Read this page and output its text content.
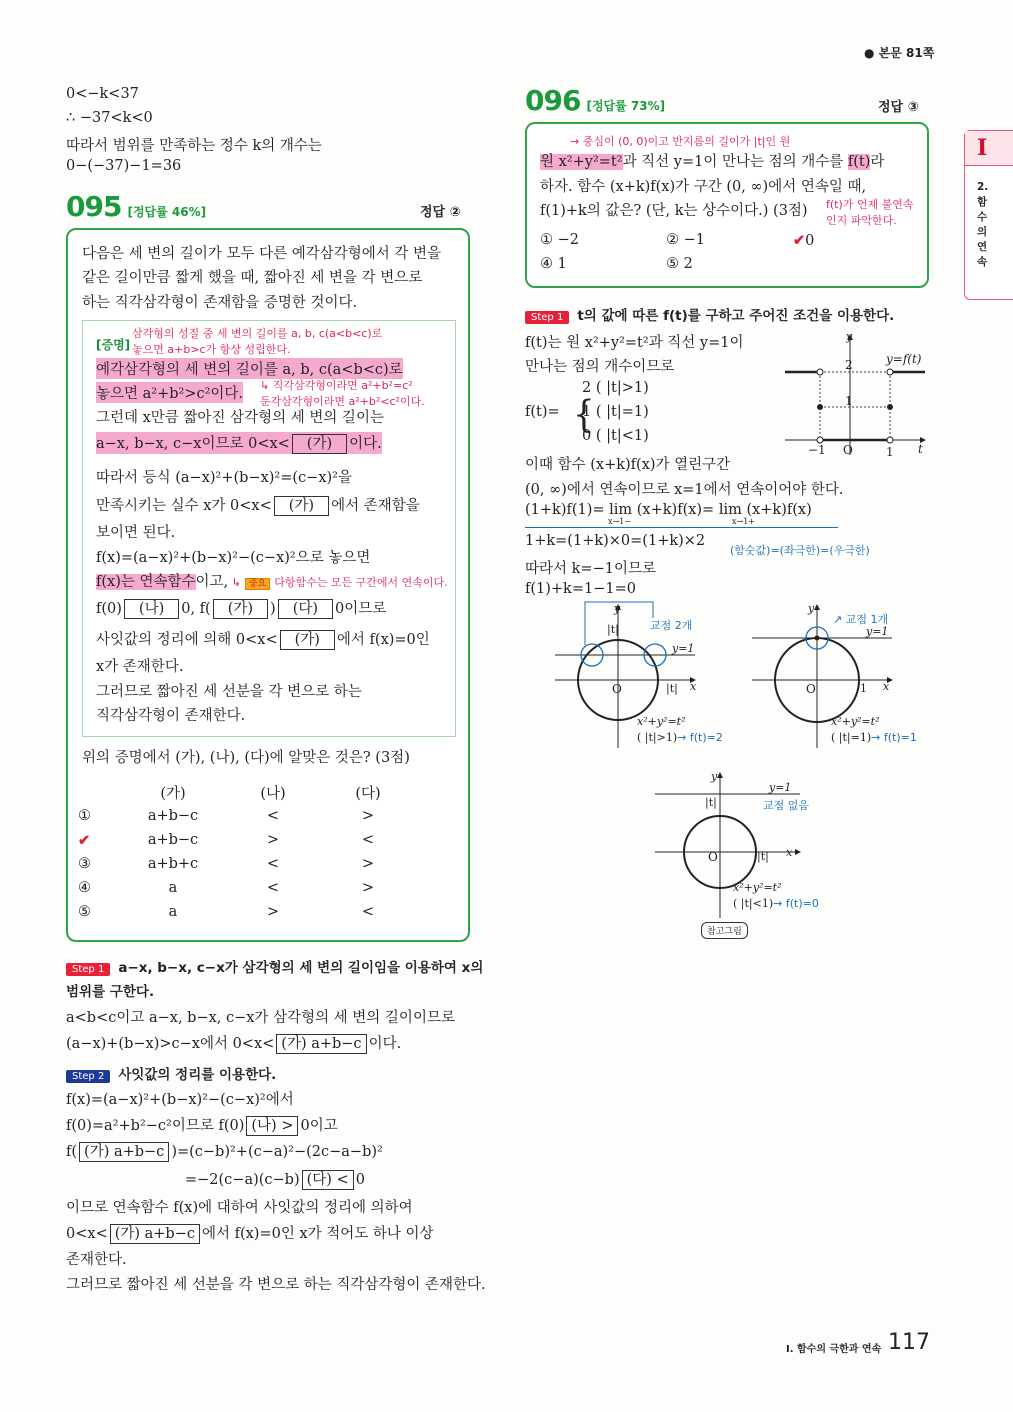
● 본문 81쪽
I
2. 함수의 연속
0<−k<37
∴ −37<k<0
따라서 범위를 만족하는 정수 k의 개수는
0−(−37)−1=36
095 [정답률 46%]	정답 ②
다음은 세 변의 길이가 모두 다른 예각삼각형에서 각 변을
같은 길이만큼 짧게 했을 때, 짧아진 세 변을 각 변으로
하는 직각삼각형이 존재함을 증명한 것이다.
삼각형의 성질 중 세 변의 길이를 a, b, c(a<b<c)로
놓으면 a+b>c가 항상 성립한다.
[증명]
예각삼각형의 세 변의 길이를 a, b, c(a<b<c)로
놓으면 a²+b²>c²이다.
↳ 직각삼각형이라면 a²+b²=c²
둔각삼각형이라면 a²+b²<c²이다.
그런데 x만큼 짧아진 삼각형의 세 변의 길이는
a−x, b−x, c−x이므로 0<x< (가) 이다.
따라서 등식 (a−x)²+(b−x)²=(c−x)²을
만족시키는 실수 x가 0<x< (가) 에서 존재함을
보이면 된다.
f(x)=(a−x)²+(b−x)²−(c−x)²으로 놓으면
f(x)는 연속함수이고, ↳ 중요 다항함수는 모든 구간에서 연속이다.
f(0) (나) 0, f( (가) ) (다) 0이므로
사잇값의 정리에 의해 0<x< (가) 에서 f(x)=0인
x가 존재한다.
그러므로 짧아진 세 선분을 각 변으로 하는
직각삼각형이 존재한다.
위의 증명에서 (가), (나), (다)에 알맞은 것은? (3점)
	(가)	(나)	(다)
①	a+b−c	<	>
✔	a+b−c	>	<
③	a+b+c	<	>
④	a	<	>
⑤	a	>	<
Step 1 a−x, b−x, c−x가 삼각형의 세 변의 길이임을 이용하여 x의
범위를 구한다.
a<b<c이고 a−x, b−x, c−x가 삼각형의 세 변의 길이이므로
(a−x)+(b−x)>c−x에서 0<x< (가) a+b−c 이다.
Step 2 사잇값의 정리를 이용한다.
f(x)=(a−x)²+(b−x)²−(c−x)²에서
f(0)=a²+b²−c²이므로 f(0) (나) > 0이고
f( (가) a+b−c )=(c−b)²+(c−a)²−(2c−a−b)²
=−2(c−a)(c−b) (다) < 0
이므로 연속함수 f(x)에 대하여 사잇값의 정리에 의하여
0<x< (가) a+b−c 에서 f(x)=0인 x가 적어도 하나 이상
존재한다.
그러므로 짧아진 세 선분을 각 변으로 하는 직각삼각형이 존재한다.
096 [정답률 73%]	정답 ③
→ 중심이 (0, 0)이고 반지름의 길이가 |t|인 원
원 x²+y²=t²과 직선 y=1이 만나는 점의 개수를 f(t)라
하자. 함수 (x+k)f(x)가 구간 (0, ∞)에서 연속일 때,
f(1)+k의 값은? (단, k는 상수이다.) (3점) f(t)가 언제 불연속
인지 파악한다.
① −2	② −1	✔0
④ 1	⑤ 2
Step 1 t의 값에 따른 f(t)를 구하고 주어진 조건을 이용한다.
f(t)는 원 x²+y²=t²과 직선 y=1이
만나는 점의 개수이므로
f(t)= {
2 ( |t|>1)
1 ( |t|=1)
0 ( |t|<1)
이때 함수 (x+k)f(x)가 열린구간
(0, ∞)에서 연속이므로 x=1에서 연속이어야 한다.
(1+k)f(1)= lim (x+k)f(x)= lim (x+k)f(x)
x→1−	x→1+
1+k=(1+k)×0=(1+k)×2
(함숫값)=(좌극한)=(우극한)
따라서 k=−1이므로
f(1)+k=1−1=0
y
t
y=f(t)
−1 O	1
2
1
교점 2개
y=1
|t|
|t|
O	x
y
x²+y²=t²
( |t|>1)→ f(t)=2
↗ 교점 1개
y=1
O	1 x
y
x²+y²=t²
( |t|=1)→ f(t)=1
y=1
교점 없음
|t|
|t|
O	x
y
x²+y²=t²
( |t|<1)→ f(t)=0
참고그림
I. 함수의 극한과 연속 117
